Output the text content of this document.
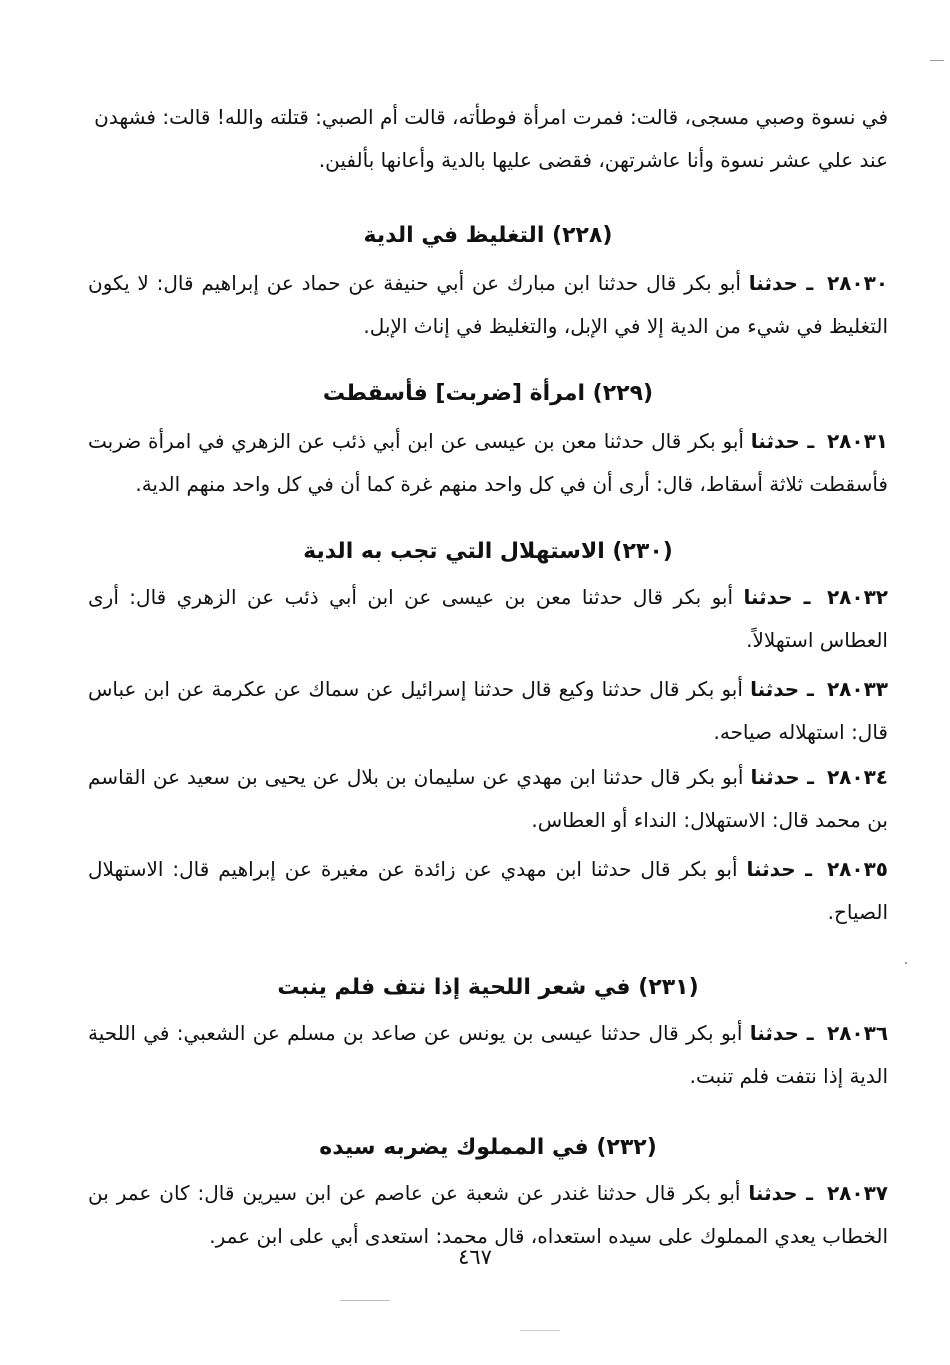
في نسوة وصبي مسجى، قالت: فمرت امرأة فوطأته، قالت أم الصبي: قتلته والله! قالت: فشهدن
عند علي عشر نسوة وأنا عاشرتهن، فقضى عليها بالدية وأعانها بألفين.

(٢٢٨) التغليظ في الدية

٢٨٠٣٠ ـ حدثنا أبو بكر قال حدثنا ابن مبارك عن أبي حنيفة عن حماد عن إبراهيم قال: لا يكون التغليظ في شيء من الدية إلا في الإبل، والتغليظ في إناث الإبل.

(٢٢٩) امرأة [ضربت] فأسقطت

٢٨٠٣١ ـ حدثنا أبو بكر قال حدثنا معن بن عيسى عن ابن أبي ذئب عن الزهري في امرأة ضربت فأسقطت ثلاثة أسقاط، قال: أرى أن في كل واحد منهم غرة كما أن في كل واحد منهم الدية.

(٢٣٠) الاستهلال التي تجب به الدية

٢٨٠٣٢ ـ حدثنا أبو بكر قال حدثنا معن بن عيسى عن ابن أبي ذئب عن الزهري قال: أرى العطاس استهلالاً.

٢٨٠٣٣ ـ حدثنا أبو بكر قال حدثنا وكيع قال حدثنا إسرائيل عن سماك عن عكرمة عن ابن عباس قال: استهلاله صياحه.

٢٨٠٣٤ ـ حدثنا أبو بكر قال حدثنا ابن مهدي عن سليمان بن بلال عن يحيى بن سعيد عن القاسم بن محمد قال: الاستهلال: النداء أو العطاس.

٢٨٠٣٥ ـ حدثنا أبو بكر قال حدثنا ابن مهدي عن زائدة عن مغيرة عن إبراهيم قال: الاستهلال الصياح.

(٢٣١) في شعر اللحية إذا نتف فلم ينبت

٢٨٠٣٦ ـ حدثنا أبو بكر قال حدثنا عيسى بن يونس عن صاعد بن مسلم عن الشعبي: في اللحية الدية إذا نتفت فلم تنبت.

(٢٣٢) في المملوك يضربه سيده

٢٨٠٣٧ ـ حدثنا أبو بكر قال حدثنا غندر عن شعبة عن عاصم عن ابن سيرين قال: كان عمر بن الخطاب يعدي المملوك على سيده استعداه، قال محمد: استعدى أبي على ابن عمر.

٤٦٧
